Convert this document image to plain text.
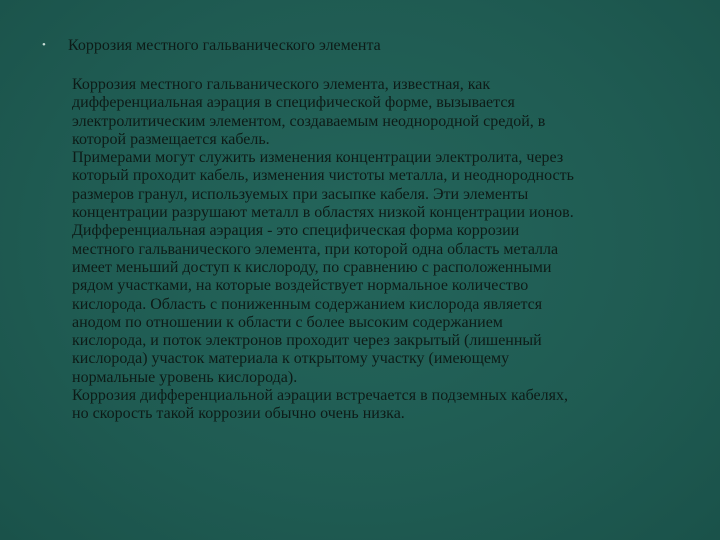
•	Коррозия местного гальванического элемента
Коррозия местного гальванического элемента, известная, как
дифференциальная аэрация в специфической форме, вызывается
электролитическим элементом, создаваемым неоднородной средой, в
которой размещается кабель.
Примерами могут служить изменения концентрации электролита, через
который проходит кабель, изменения чистоты металла, и неоднородность
размеров гранул, используемых при засыпке кабеля. Эти элементы
концентрации разрушают металл в областях низкой концентрации ионов.
Дифференциальная аэрация - это специфическая форма коррозии
местного гальванического элемента, при которой одна область металла
имеет меньший доступ к кислороду, по сравнению с расположенными
рядом участками, на которые воздействует нормальное количество
кислорода. Область с пониженным содержанием кислорода является
анодом по отношении к области с более высоким содержанием
кислорода, и поток электронов проходит через закрытый (лишенный
кислорода) участок материала к открытому участку (имеющему
нормальные уровень кислорода).
Коррозия дифференциальной аэрации встречается в подземных кабелях,
но скорость такой коррозии обычно очень низка.
